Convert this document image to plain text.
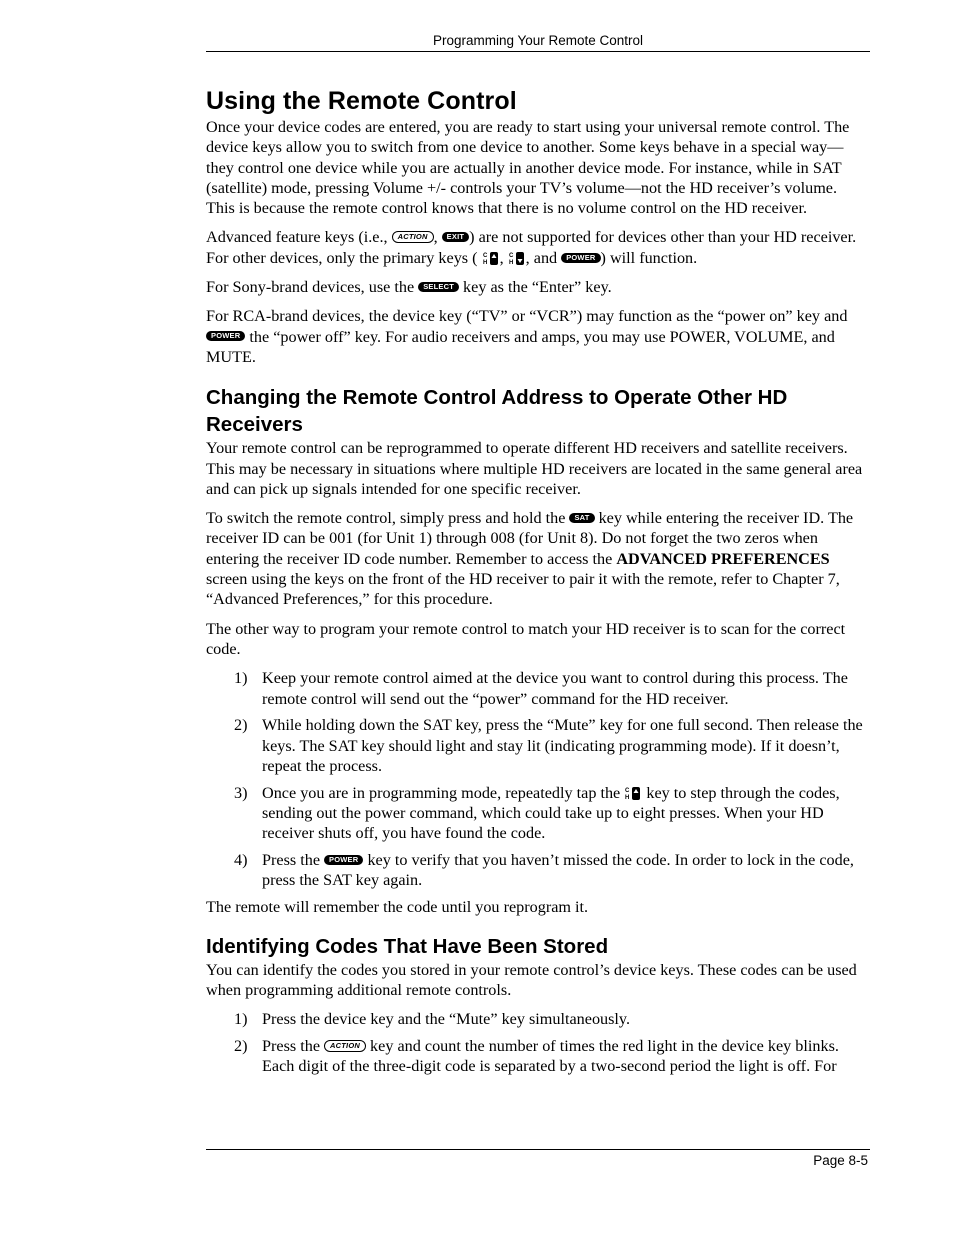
Programming Your Remote Control
Using the Remote Control

Once your device codes are entered, you are ready to start using your universal remote control. The device keys allow you to switch from one device to another. Some keys behave in a special way—they control one device while you are actually in another device mode. For instance, while in SAT (satellite) mode, pressing Volume +/- controls your TV’s volume—not the HD receiver’s volume. This is because the remote control knows that there is no volume control on the HD receiver.

Advanced feature keys (i.e., ACTION , EXIT ) are not supported for devices other than your HD receiver. For other devices, only the primary keys ( C
H , C
H , and POWER ) will function.

For Sony-brand devices, use the SELECT key as the “Enter” key.

For RCA-brand devices, the device key (“TV” or “VCR”) may function as the “power on” key and POWER the “power off” key. For audio receivers and amps, you may use POWER, VOLUME, and MUTE.

Changing the Remote Control Address to Operate Other HD Receivers

Your remote control can be reprogrammed to operate different HD receivers and satellite receivers. This may be necessary in situations where multiple HD receivers are located in the same general area and can pick up signals intended for one specific receiver.

To switch the remote control, simply press and hold the SAT key while entering the receiver ID. The receiver ID can be 001 (for Unit 1) through 008 (for Unit 8). Do not forget the two zeros when entering the receiver ID code number. Remember to access the ADVANCED PREFERENCES screen using the keys on the front of the HD receiver to pair it with the remote, refer to Chapter 7, “Advanced Preferences,” for this procedure.

The other way to program your remote control to match your HD receiver is to scan for the correct code.

1) Keep your remote control aimed at the device you want to control during this process. The remote control will send out the “power” command for the HD receiver.
2) While holding down the SAT key, press the “Mute” key for one full second. Then release the keys. The SAT key should light and stay lit (indicating programming mode). If it doesn’t, repeat the process.
3) Once you are in programming mode, repeatedly tap the C
H key to step through the codes, sending out the power command, which could take up to eight presses. When your HD receiver shuts off, you have found the code.
4) Press the POWER key to verify that you haven’t missed the code. In order to lock in the code, press the SAT key again.

The remote will remember the code until you reprogram it.

Identifying Codes That Have Been Stored

You can identify the codes you stored in your remote control’s device keys. These codes can be used when programming additional remote controls.

1) Press the device key and the “Mute” key simultaneously.
2) Press the ACTION key and count the number of times the red light in the device key blinks. Each digit of the three-digit code is separated by a two-second period the light is off. For
Page 8-5
